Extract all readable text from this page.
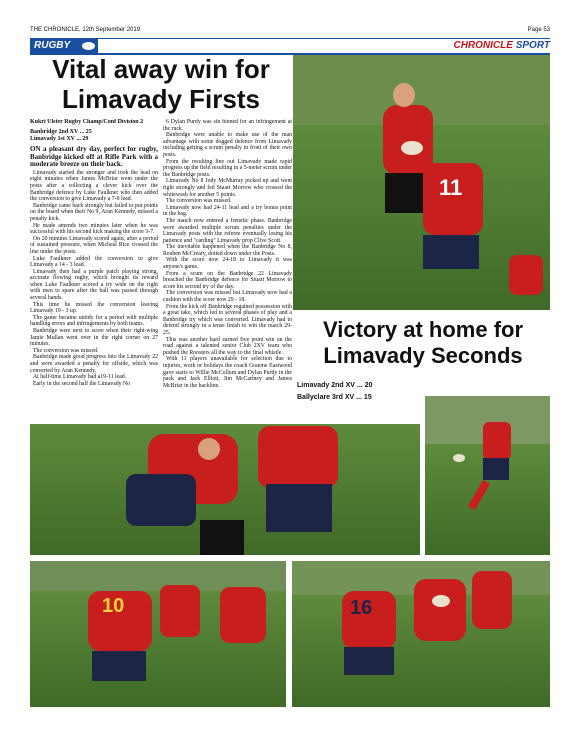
THE CHRONICLE, 12th September 2019	Page 53
RUGBY	CHRONICLE SPORT
Vital away win for Limavady Firsts

Kukri Ulster Rugby Champ/Conf Division 2

Banbridge 2nd XV ... 25

Limavady 1st XV ... 29

ON a pleasant dry day, perfect for rugby, Banbridge kicked off at Rifle Park with a moderate breeze on their back.

Limavady started the stronger and took the lead on eight minutes when James McBriar went under the posts after a collecting a clever kick over the Banbridge defence by Luke Faulkner who then added the conversion to give Limavady a 7-0 lead.

Banbridge came back strongly but failed to put points on the board when their No 9, Aran Kennedy, missed a penalty kick.

He made amends two minutes later when he was successful with his second kick making the score 3-7.

On 20 minutes Limavady scored again, after a period of sustained pressure, when Micheal Rice crossed the line under the posts.

Luke Faulkner added the conversion to give Limavady a 14 - 3 lead.

Limavady then had a purple patch playing strong, accurate flowing rugby, which brought its reward when Luke Faulkner scored a try wide on the right with men to spare after the ball was passed through several hands.

This time he missed the conversion leaving Limavady 19 - 3 up.

The game became untidy for a period with multiple handling errors and infringements by both teams.

Banbridge were next to score when their right-wing Jamie Mullan went over in the right corner on 27 minutes.

The conversion was missed.

Banbridge made good progress into the Limavady 22 and were awarded a penalty for offside, which was converted by Aran Kennedy.

At half-time Limavady had a19-11 lead.

Early in the second half the Limavady No

6 Dylan Purdy was sin binned for an infringement at the ruck.

Banbridge were unable to make use of the man advantage with some dogged defence from Limavady including getting a scrum penalty in front of their own posts.

From the resulting line out Limavady made rapid progress up the field resulting in a 5-meter scrum under the Banbridge posts.

Limavady No 8 Jody McMurray picked up and went right strongly and fed Stuart Morrow who crossed the whitewash for another 5 points.

The conversion was missed.

Limavady now had 24-11 lead and a try bonus point in the bag.

The match now entered a frenetic phase. Banbridge were awarded multiple scrum penalties under the Limavady posts with the referee eventually losing his patience and "carding" Limavady prop Clive Scott.

The inevitable happened when the Banbridge No 8, Reuben McCreary, dotted down under the Posts.

With the score now 24-18 to Limavady it was anyone's game.

From a scum on the Banbridge 22 Limavady breached the Banbridge defence for Stuart Morrow to score his second try of the day.

The conversion was missed but Limavady now had a cushion with the score now 29 - 18.

From the kick off Banbridge regained possession with a great take, which led to several phases of play and a Banbridge try which was converted. Limavady had to defend strongly in a tense finish to win the match 29-25.

This was another hard earned five point win on the road against a talented senior Club 2XV team who pushed the Roosters all the way to the final whistle.

With 11 players unavailable for selection due to injuries, work or holidays the coach Graeme Eastwood gave starts to Willie McCollum and Dylan Purdy in the pack and Jack Elliott, Jim McCartney and James McBriar in the backline.

11
Victory at home for Limavady Seconds
Limavady 2nd XV ... 20
Ballyclare 3rd XV ... 15
10	16
